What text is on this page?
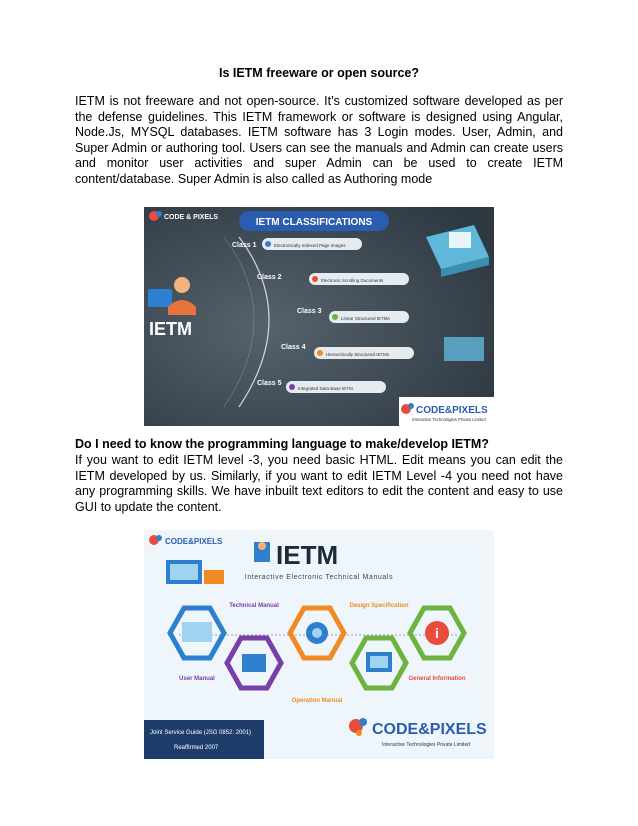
Is IETM freeware or open source?

IETM is not freeware and not open-source. It’s customized software developed as per the defense guidelines. This IETM framework or software is designed using Angular, Node.Js, MYSQL databases. IETM software has 3 Login modes. User, Admin, and Super Admin or authoring tool. Users can see the manuals and Admin can create users and monitor user activities and super Admin can be used to create IETM content/database. Super Admin is also called as Authoring mode

CODE & PIXELS	IETM CLASSIFICATIONS
IETM
Class 1	Electronically Indexed Page Images
Class 2	Electronic Scrolling Documents
Class 3
Linear Structured IETMs
Class 4
Hierarchically Structured IETMs
Class 5
Integrated Data-Base IETM
CODE&PIXELS
Interactive Technologies Private Limited
Do I need to know the programming language to make/develop IETM?

If you want to edit IETM level -3, you need basic HTML. Edit means you can edit the IETM developed by us. Similarly, if you want to edit IETM Level -4 you need not have any programming skills. We have inbuilt text editors to edit the content and easy to use GUI to update the content.

CODE&PIXELS IETM
Interactive Electronic Technical Manuals
i
Technical Manual	Design Specification
User Manual
Operation Manual
General Information
Joint Service Guide (JSG 0852: 2001)
Reaffirmed 2007
CODE&PIXELS
Interactive Technologies Private Limited
